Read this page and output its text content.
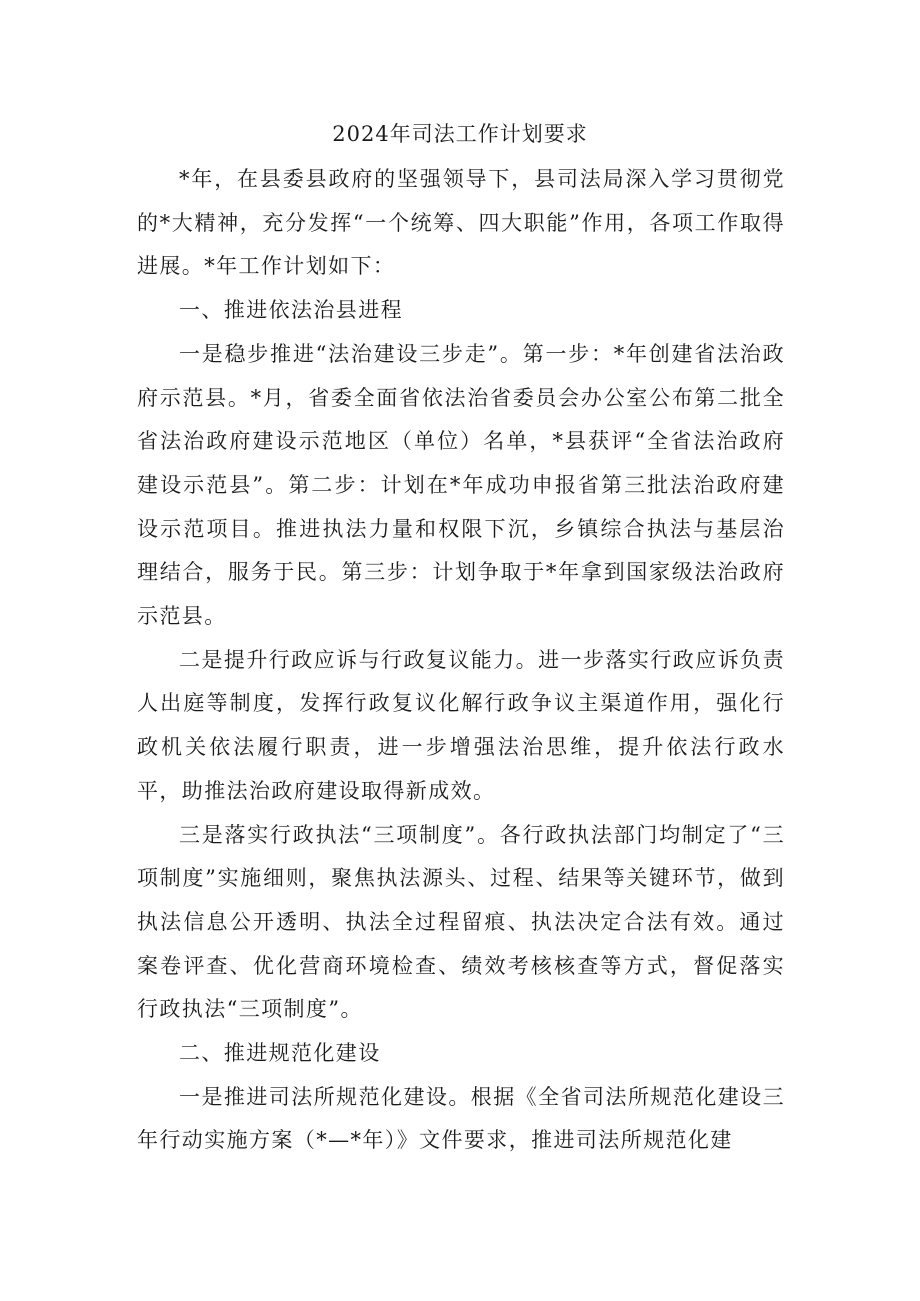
2024年司法工作计划要求

*年，在县委县政府的坚强领导下，县司法局深入学习贯彻党的*大精神，充分发挥“一个统筹、四大职能”作用，各项工作取得进展。*年工作计划如下：

一、推进依法治县进程

一是稳步推进“法治建设三步走”。第一步：*年创建省法治政府示范县。*月，省委全面省依法治省委员会办公室公布第二批全省法治政府建设示范地区（单位）名单，*县获评“全省法治政府建设示范县”。第二步：计划在*年成功申报省第三批法治政府建设示范项目。推进执法力量和权限下沉，乡镇综合执法与基层治理结合，服务于民。第三步：计划争取于*年拿到国家级法治政府示范县。

二是提升行政应诉与行政复议能力。进一步落实行政应诉负责人出庭等制度，发挥行政复议化解行政争议主渠道作用，强化行政机关依法履行职责，进一步增强法治思维，提升依法行政水平，助推法治政府建设取得新成效。

三是落实行政执法“三项制度”。各行政执法部门均制定了“三项制度”实施细则，聚焦执法源头、过程、结果等关键环节，做到执法信息公开透明、执法全过程留痕、执法决定合法有效。通过案卷评查、优化营商环境检查、绩效考核核查等方式，督促落实行政执法“三项制度”。

二、推进规范化建设

一是推进司法所规范化建设。根据《全省司法所规范化建设三年行动实施方案（*—*年）》文件要求，推进司法所规范化建
